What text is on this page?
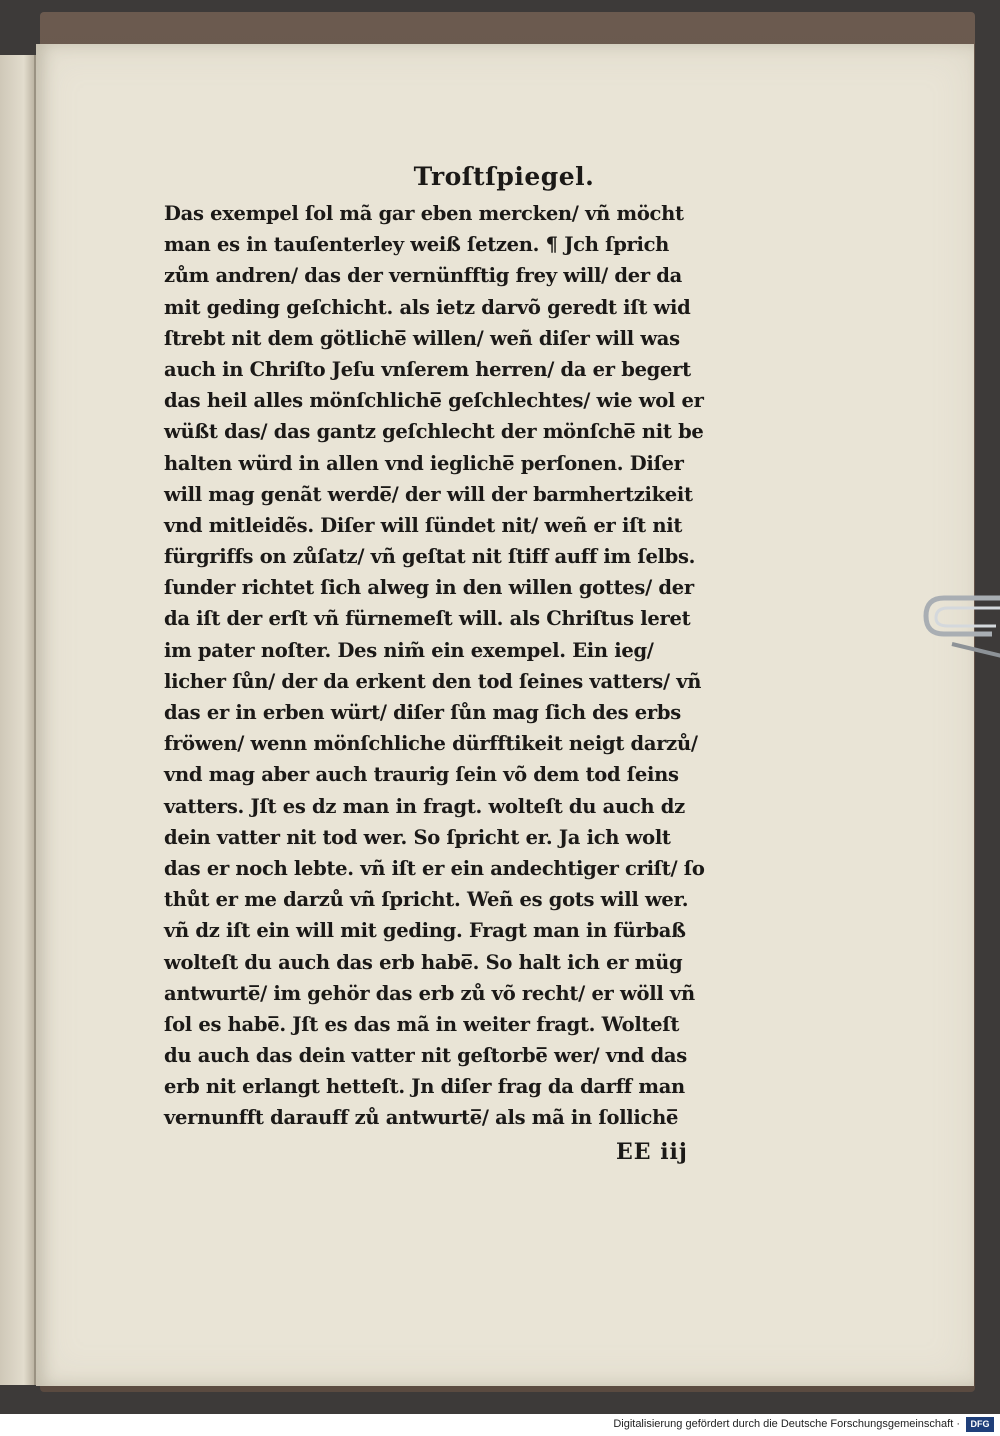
Troſtſpiegel.
Das exempel ſol mã gar eben mercken/ vñ möcht
man es in tauſenterley weiß ſetzen. ¶ Jch ſprich
zům andren/ das der vernünfftig frey will/ der da
mit geding geſchicht. als ietz darvõ geredt iſt wid
ſtrebt nit dem götliche̅ willen/ weñ diſer will was
auch in Chriſto Jeſu vnſerem herren/ da er begert
das heil alles mönſchliche̅ geſchlechtes/ wie wol er
wüßt das/ das gantz geſchlecht der mönſche̅ nit be
halten würd in allen vnd iegliche̅ perſonen. Diſer
will mag genãt werde̅/ der will der barmhertzikeit
vnd mitleidẽs. Diſer will ſündet nit/ weñ er iſt nit
fürgriffs on zůſatz/ vñ geſtat nit ſtiff auff im ſelbs.
ſunder richtet ſich alweg in den willen gottes/ der
da iſt der erſt vñ fürnemeſt will. als Chriſtus leret
im pater noſter. Des nim̃ ein exempel. Ein ieg/
licher ſůn/ der da erkent den tod ſeines vatters/ vñ
das er in erben würt/ diſer ſůn mag ſich des erbs
fröwen/ wenn mönſchliche dürfftikeit neigt darzů/
vnd mag aber auch traurig ſein võ dem tod ſeins
vatters. Jſt es dz man in fragt. wolteſt du auch dz
dein vatter nit tod wer. So ſpricht er. Ja ich wolt
das er noch lebte. vñ iſt er ein andechtiger criſt/ ſo
thůt er me darzů vñ ſpricht. Weñ es gots will wer.
vñ dz iſt ein will mit geding. Fragt man in fürbaß
wolteſt du auch das erb habe̅. So halt ich er müg
antwurte̅/ im gehör das erb zů võ recht/ er wöll vñ
ſol es habe̅. Jſt es das mã in weiter fragt. Wolteſt
du auch das dein vatter nit geſtorbe̅ wer/ vnd das
erb nit erlangt hetteſt. Jn diſer frag da darff man
vernunfft darauff zů antwurte̅/ als mã in ſolliche̅
EE iij
Digitalisierung gefördert durch die Deutsche Forschungsgemeinschaft ·	DFG
